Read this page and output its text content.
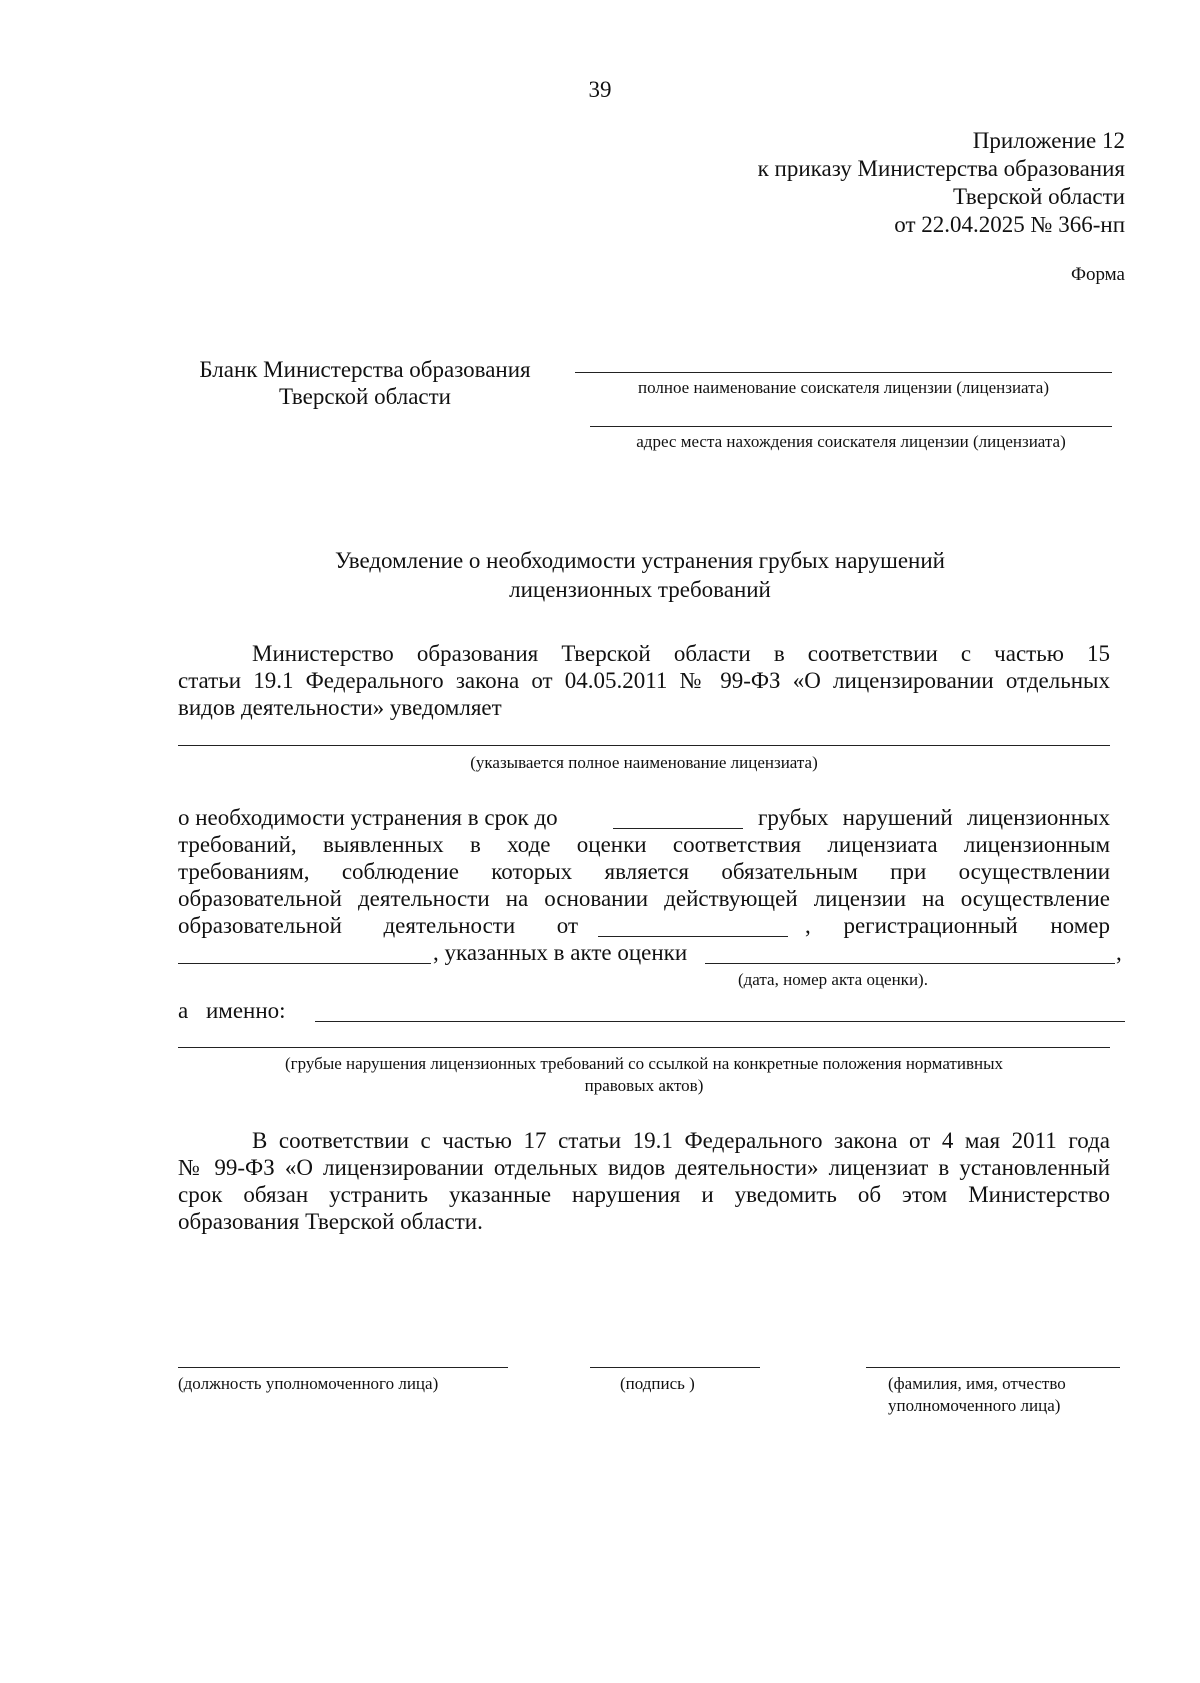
39
Приложение 12
к приказу Министерства образования
Тверской области
от 22.04.2025 № 366-нп
Форма
Бланк Министерства образования
Тверской области	полное наименование соискателя лицензии (лицензиата)
адрес места нахождения соискателя лицензии (лицензиата)
Уведомление о необходимости устранения грубых нарушений
лицензионных требований
Министерство образования Тверской области в соответствии с частью 15
статьи 19.1 Федерального закона от 04.05.2011 № 99-ФЗ «О лицензировании отдельных
видов деятельности» уведомляет
(указывается полное наименование лицензиата)
о необходимости устранения в срок до	грубых нарушений лицензионных
требований, выявленных в ходе оценки соответствия лицензиата лицензионным
требованиям, соблюдение которых является обязательным при осуществлении
образовательной деятельности на основании действующей лицензии на осуществление
образовательной деятельности от	, регистрационный номер
, указанных в акте оценки	,
(дата, номер акта оценки).
а именно:
(грубые нарушения лицензионных требований со ссылкой на конкретные положения нормативных
правовых актов)
В соответствии с частью 17 статьи 19.1 Федерального закона от 4 мая 2011 года
№ 99-ФЗ «О лицензировании отдельных видов деятельности» лицензиат в установленный
срок обязан устранить указанные нарушения и уведомить об этом Министерство
образования Тверской области.
(должность уполномоченного лица)	(подпись )	(фамилия, имя, отчество
уполномоченного лица)
